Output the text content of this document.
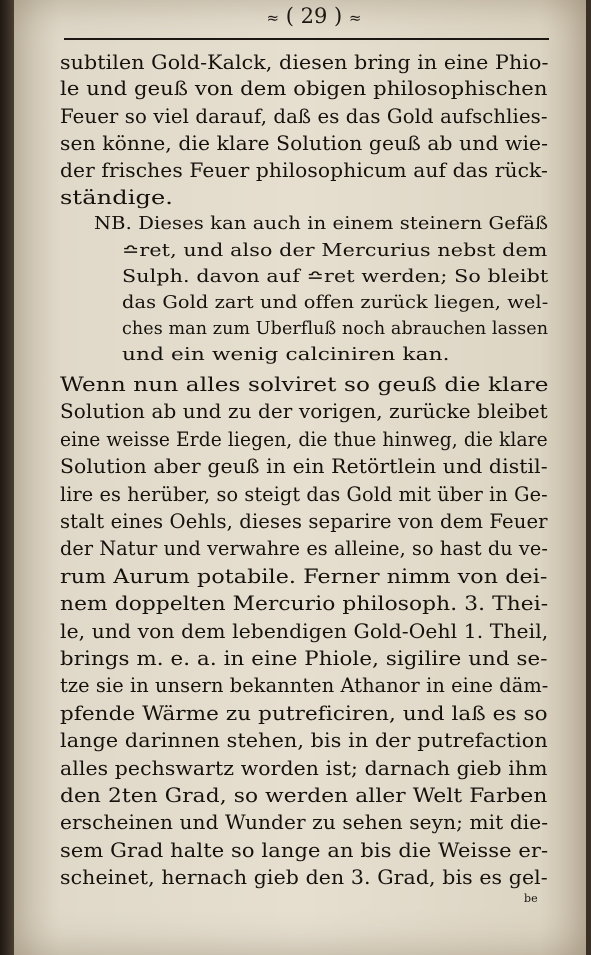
≈ ( 29 ) ≈
subtilen Gold-Kalck, diesen bring in eine Phio-
le und geuß von dem obigen philosophischen
Feuer so viel darauf, daß es das Gold aufschlies-
sen könne, die klare Solution geuß ab und wie-
der frisches Feuer philosophicum auf das rück-
ständige.
NB. Dieses kan auch in einem steinern Gefäß
≏ret, und also der Mercurius nebst dem
Sulph. davon auf ≏ret werden; So bleibt
das Gold zart und offen zurück liegen, wel-
ches man zum Uberfluß noch abrauchen lassen
und ein wenig calciniren kan.
Wenn nun alles solviret so geuß die klare
Solution ab und zu der vorigen, zurücke bleibet
eine weisse Erde liegen, die thue hinweg, die klare
Solution aber geuß in ein Retörtlein und distil-
lire es herüber, so steigt das Gold mit über in Ge-
stalt eines Oehls, dieses separire von dem Feuer
der Natur und verwahre es alleine, so hast du ve-
rum Aurum potabile. Ferner nimm von dei-
nem doppelten Mercurio philosoph. 3. Thei-
le, und von dem lebendigen Gold-Oehl 1. Theil,
brings m. e. a. in eine Phiole, sigilire und se-
tze sie in unsern bekannten Athanor in eine däm-
pfende Wärme zu putreficiren, und laß es so
lange darinnen stehen, bis in der putrefaction
alles pechswartz worden ist; darnach gieb ihm
den 2ten Grad, so werden aller Welt Farben
erscheinen und Wunder zu sehen seyn; mit die-
sem Grad halte so lange an bis die Weisse er-
scheinet, hernach gieb den 3. Grad, bis es gel-
be
